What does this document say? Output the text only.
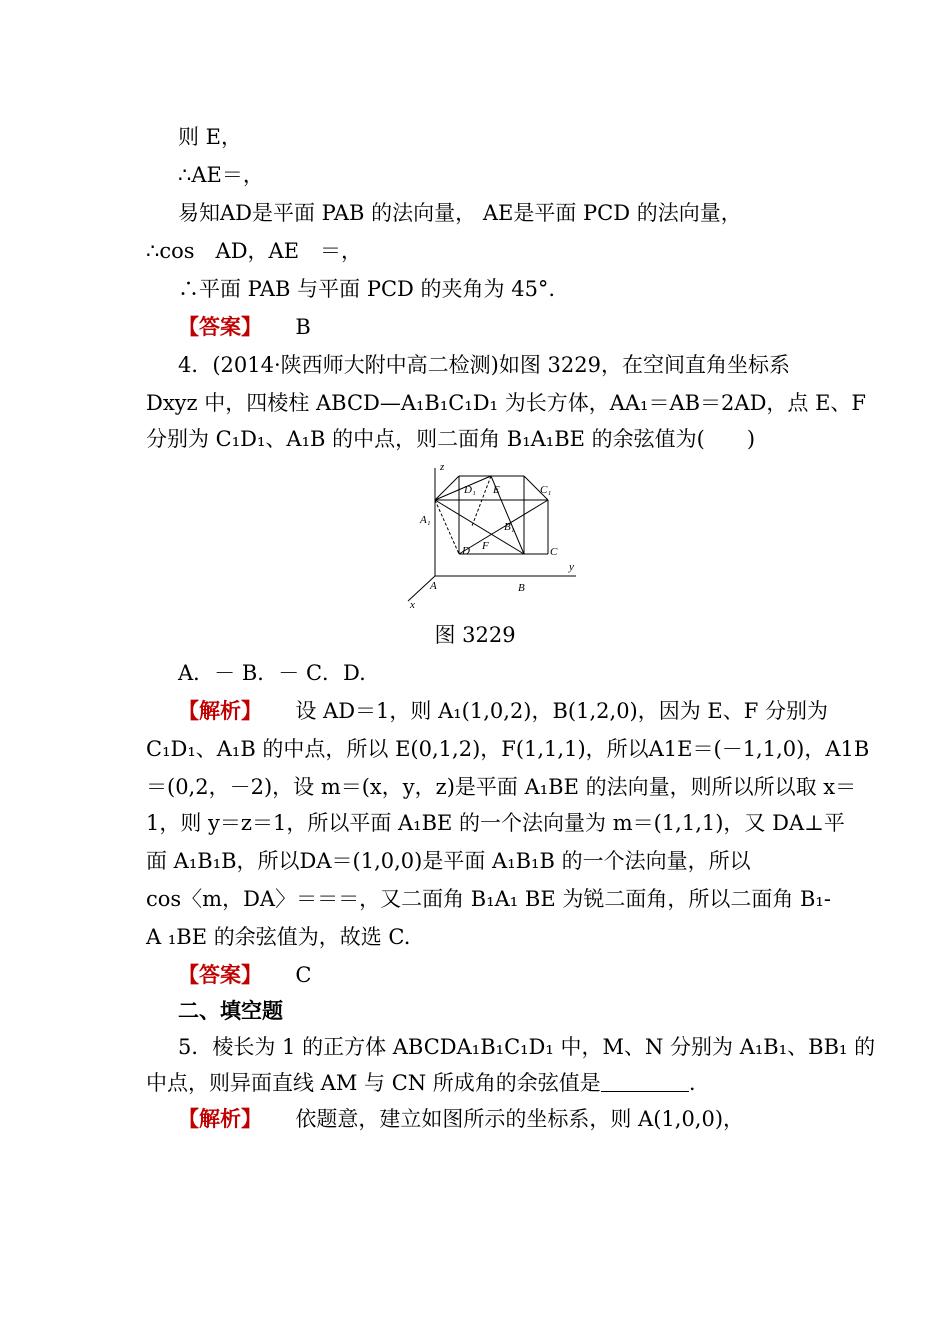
则 E，
∴AE＝，
易知AD是平面 PAB 的法向量， AE是平面 PCD 的法向量，
∴cos　AD，AE　＝，
∴平面 PAB 与平面 PCD 的夹角为 45°.
【答案】 B
4．(2014·陕西师大附中高二检测)如图 3229，在空间直角坐标系
Dxyz 中，四棱柱 ABCD—A₁B₁C₁D₁ 为长方体，AA₁＝AB＝2AD，点 E、F
分别为 C₁D₁、A₁B 的中点，则二面角 B₁A₁BE 的余弦值为(　　)
z
y
x
D₁ E	C₁
A₁
B₁
D F	C
A	B
图 3229
A．－ B．－ C．D.
【解析】 设 AD＝1，则 A₁(1,0,2)，B(1,2,0)，因为 E、F 分别为
C₁D₁、A₁B 的中点，所以 E(0,1,2)，F(1,1,1)，所以A1E＝(－1,1,0)，A1B
＝(0,2，－2)，设 m＝(x，y，z)是平面 A₁BE 的法向量，则所以所以取 x＝
1，则 y＝z＝1，所以平面 A₁BE 的一个法向量为 m＝(1,1,1)，又 DA⊥平
面 A₁B₁B，所以DA＝(1,0,0)是平面 A₁B₁B 的一个法向量，所以
cos〈m，DA〉＝＝＝，又二面角 B₁A₁ BE 为锐二面角，所以二面角 B₁-
A ₁BE 的余弦值为，故选 C.
【答案】 C
二、填空题
5．棱长为 1 的正方体 ABCDA₁B₁C₁D₁ 中，M、N 分别为 A₁B₁、BB₁ 的
中点，则异面直线 AM 与 CN 所成角的余弦值是	.
【解析】 依题意，建立如图所示的坐标系，则 A(1,0,0)，
